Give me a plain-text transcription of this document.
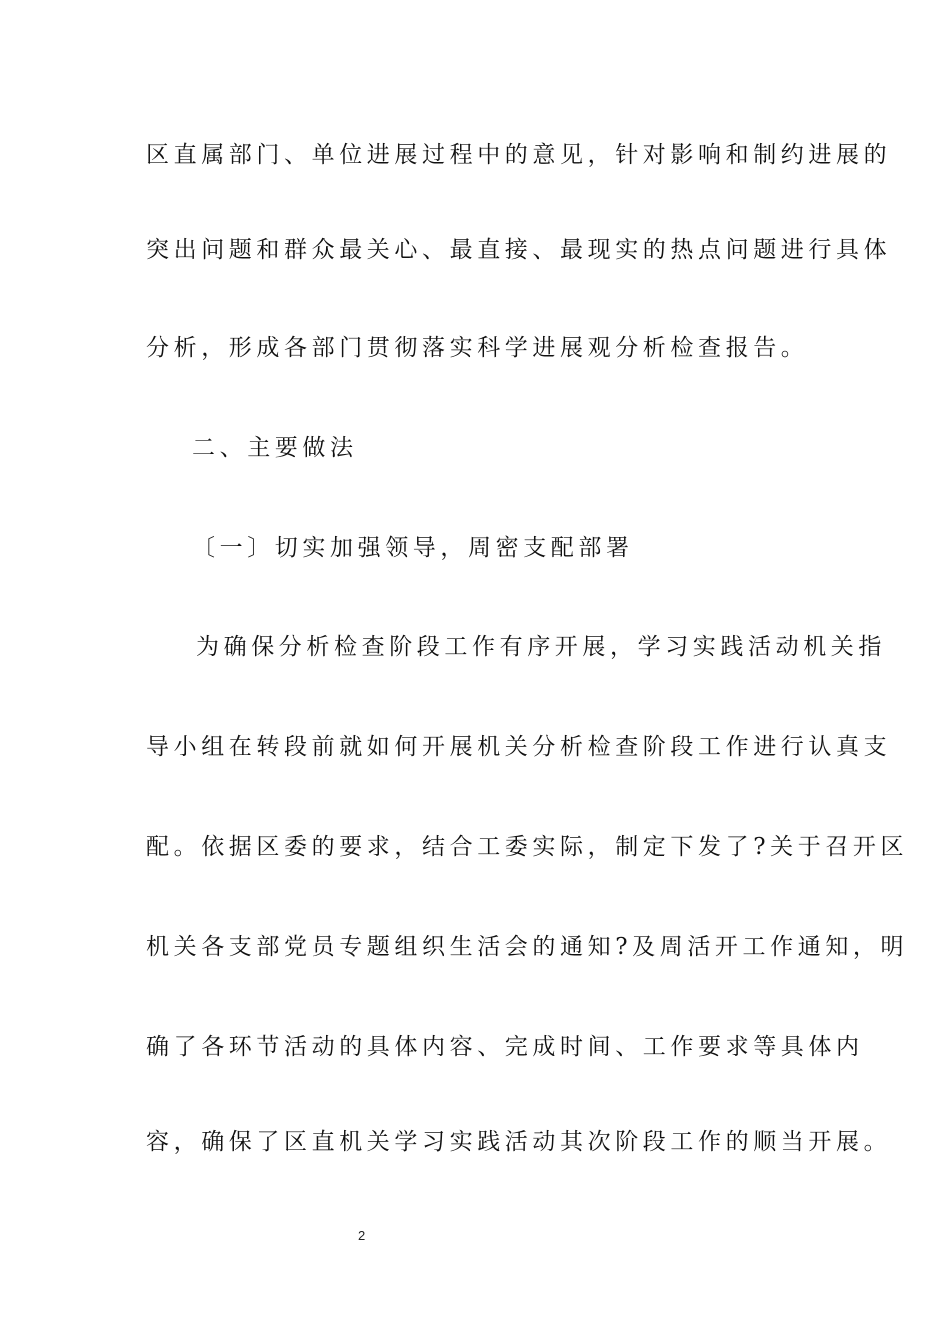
区直属部门、单位进展过程中的意见，针对影响和制约进展的
突出问题和群众最关心、最直接、最现实的热点问题进行具体
分析，形成各部门贯彻落实科学进展观分析检查报告。
二、主要做法
〔一〕切实加强领导，周密支配部署
为确保分析检查阶段工作有序开展，学习实践活动机关指
导小组在转段前就如何开展机关分析检查阶段工作进行认真支
配。依据区委的要求，结合工委实际，制定下发了?关于召开区
机关各支部党员专题组织生活会的通知?及周活开工作通知，明
确了各环节活动的具体内容、完成时间、工作要求等具体内
容，确保了区直机关学习实践活动其次阶段工作的顺当开展。
2
